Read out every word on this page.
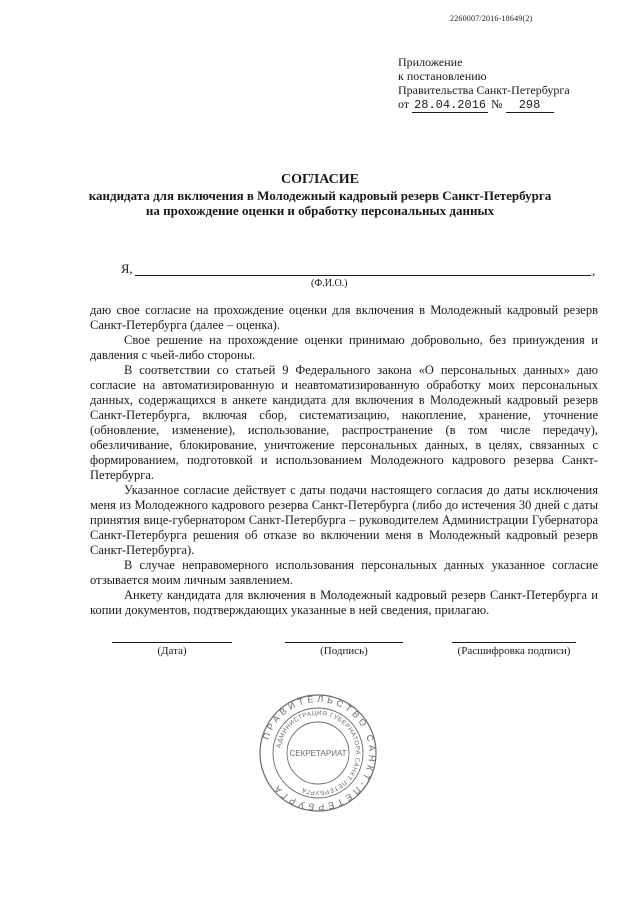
2260007/2016-18649(2)
Приложение
к постановлению
Правительства Санкт-Петербурга
от 28.04.2016 № 298
СОГЛАСИЕ
кандидата для включения в Молодежный кадровый резерв Санкт-Петербурга
на прохождение оценки и обработку персональных данных
Я,	,
(Ф.И.О.)

даю свое согласие на прохождение оценки для включения в Молодежный кадровый резерв Санкт-Петербурга (далее – оценка).

Свое решение на прохождение оценки принимаю добровольно, без принуждения и давления с чьей-либо стороны.

В соответствии со статьей 9 Федерального закона «О персональных данных» даю согласие на автоматизированную и неавтоматизированную обработку моих персональных данных, содержащихся в анкете кандидата для включения в Молодежный кадровый резерв Санкт-Петербурга, включая сбор, систематизацию, накопление, хранение, уточнение (обновление, изменение), использование, распространение (в том числе передачу), обезличивание, блокирование, уничтожение персональных данных, в целях, связанных с формированием, подготовкой и использованием Молодежного кадрового резерва Санкт-Петербурга.

Указанное согласие действует с даты подачи настоящего согласия до даты исключения меня из Молодежного кадрового резерва Санкт-Петербурга (либо до истечения 30 дней с даты принятия вице-губернатором Санкт-Петербурга – руководителем Администрации Губернатора Санкт-Петербурга решения об отказе во включении меня в Молодежный кадровый резерв Санкт-Петербурга).

В случае неправомерного использования персональных данных указанное согласие отзывается моим личным заявлением.

Анкету кандидата для включения в Молодежный кадровый резерв Санкт-Петербурга и копии документов, подтверждающих указанные в ней сведения, прилагаю.

(Дата)	(Подпись)	(Расшифровка подписи)
ПРАВИТЕЛЬСТВО САНКТ-ПЕТЕРБУРГА
АДМИНИСТРАЦИЯ ГУБЕРНАТОРА САНКТ-ПЕТЕРБУРГА
СЕКРЕТАРИАТ
